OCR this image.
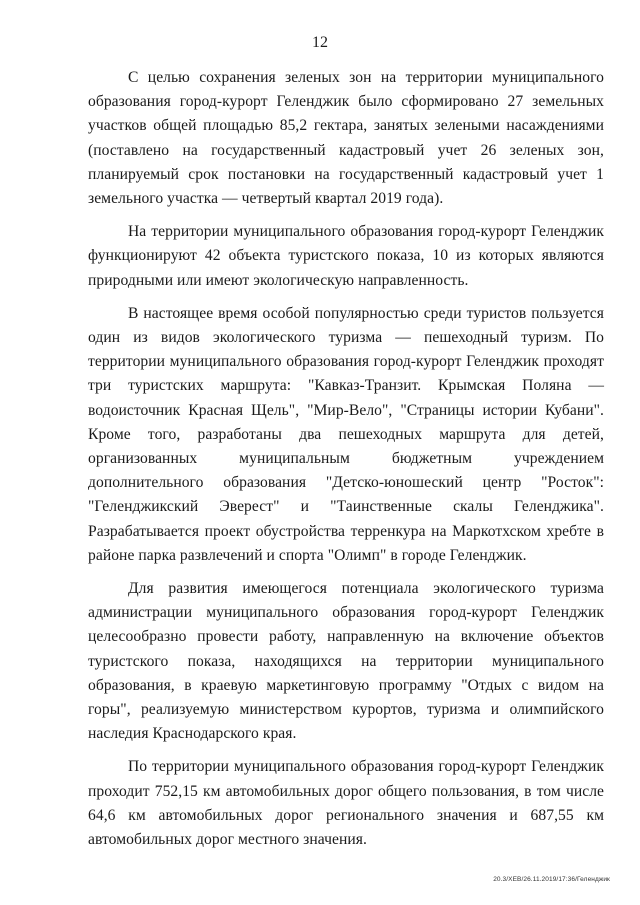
12

С целью сохранения зеленых зон на территории муниципального образования город-курорт Геленджик было сформировано 27 земельных участков общей площадью 85,2 гектара, занятых зелеными насаждениями (поставлено на государственный кадастровый учет 26 зеленых зон, планируемый срок постановки на государственный кадастровый учет 1 земельного участка — четвертый квартал 2019 года).

На территории муниципального образования город-курорт Геленджик функционируют 42 объекта туристского показа, 10 из которых являются природными или имеют экологическую направленность.

В настоящее время особой популярностью среди туристов пользуется один из видов экологического туризма — пешеходный туризм. По территории муниципального образования город-курорт Геленджик проходят три туристских маршрута: "Кавказ-Транзит. Крымская Поляна — водоисточник Красная Щель", "Мир-Вело", "Страницы истории Кубани". Кроме того, разработаны два пешеходных маршрута для детей, организованных муниципальным бюджетным учреждением дополнительного образования "Детско-юношеский центр "Росток": "Геленджикский Эверест" и "Таинственные скалы Геленджика". Разрабатывается проект обустройства терренкура на Маркотхском хребте в районе парка развлечений и спорта "Олимп" в городе Геленджик.

Для развития имеющегося потенциала экологического туризма администрации муниципального образования город-курорт Геленджик целесообразно провести работу, направленную на включение объектов туристского показа, находящихся на территории муниципального образования, в краевую маркетинговую программу "Отдых с видом на горы", реализуемую министерством курортов, туризма и олимпийского наследия Краснодарского края.

По территории муниципального образования город-курорт Геленджик проходит 752,15 км автомобильных дорог общего пользования, в том числе 64,6 км автомобильных дорог регионального значения и 687,55 км автомобильных дорог местного значения.

20.3/ХЕВ/26.11.2019/17:36/Геленджик
